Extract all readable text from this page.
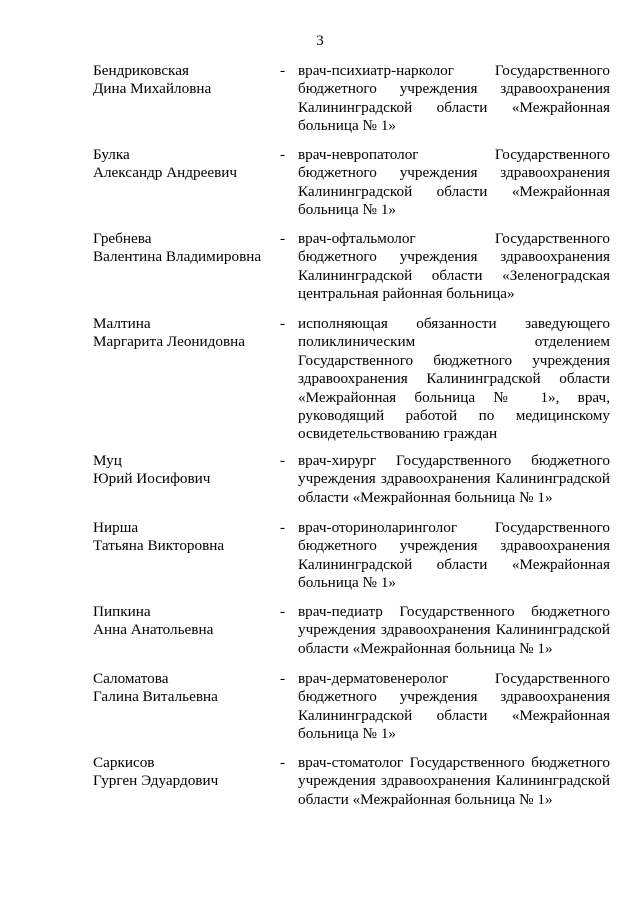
3
Бендриковская
Дина Михайловна
- врач-психиатр-нарколог Государственного бюджетного учреждения здравоохранения Калининградской области «Межрайонная больница № 1»
Булка
Александр Андреевич
- врач-невропатолог Государственного бюджетного учреждения здравоохранения Калининградской области «Межрайонная больница № 1»
Гребнева
Валентина Владимировна
- врач-офтальмолог Государственного бюджетного учреждения здравоохранения Калининградской области «Зеленоградская центральная районная больница»
Малтина
Маргарита Леонидовна
- исполняющая обязанности заведующего поликлиническим отделением Государственного бюджетного учреждения здравоохранения Калининградской области «Межрайонная больница № 1», врач, руководящий работой по медицинскому освидетельствованию граждан
Муц
Юрий Иосифович
- врач-хирург Государственного бюджетного учреждения здравоохранения Калининградской области «Межрайонная больница № 1»
Нирша
Татьяна Викторовна
- врач-оториноларинголог Государственного бюджетного учреждения здравоохранения Калининградской области «Межрайонная больница № 1»
Пипкина
Анна Анатольевна
- врач-педиатр Государственного бюджетного учреждения здравоохранения Калининградской области «Межрайонная больница № 1»
Саломатова
Галина Витальевна
- врач-дерматовенеролог Государственного бюджетного учреждения здравоохранения Калининградской области «Межрайонная больница № 1»
Саркисов
Гурген Эдуардович
- врач-стоматолог Государственного бюджетного учреждения здравоохранения Калининградской области «Межрайонная больница № 1»
